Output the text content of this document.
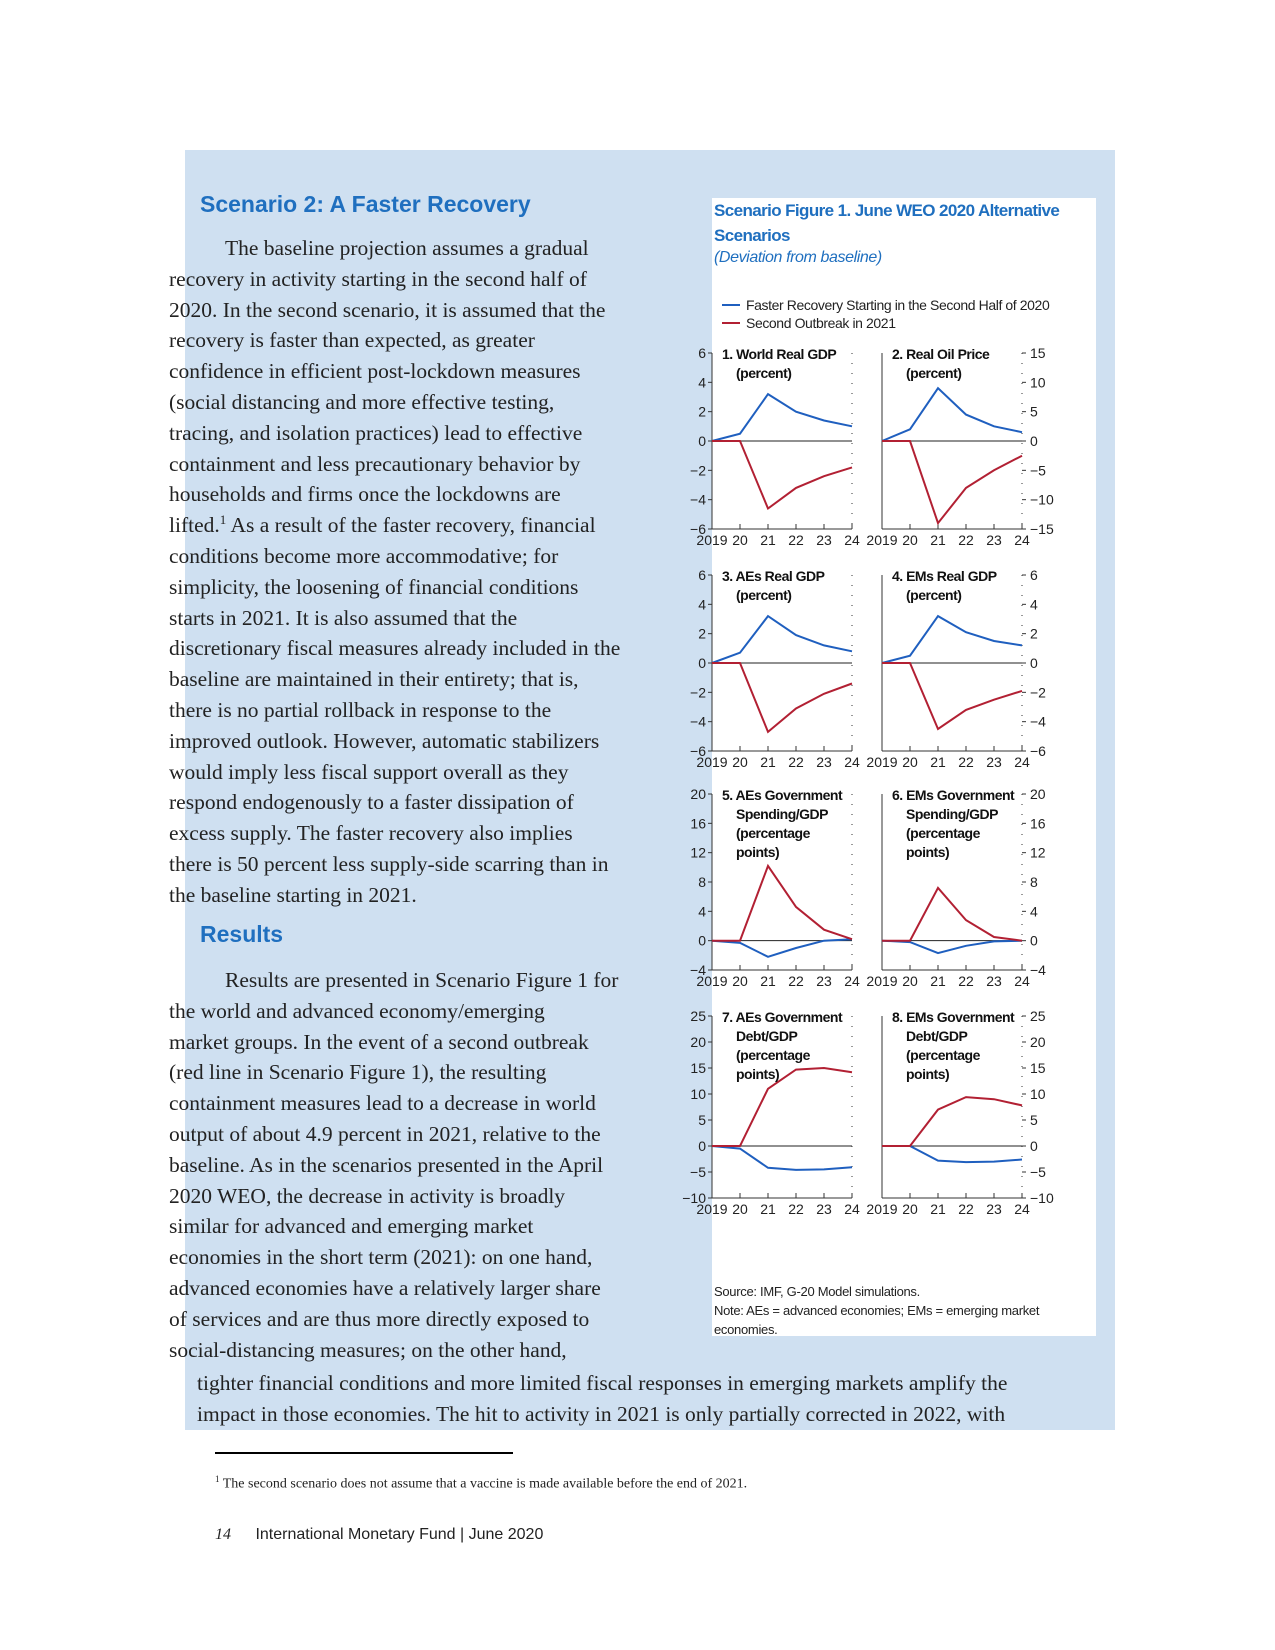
Scenario 2: A Faster Recovery

The baseline projection assumes a gradual
recovery in activity starting in the second half of
2020. In the second scenario, it is assumed that the
recovery is faster than expected, as greater
confidence in efficient post-lockdown measures
(social distancing and more effective testing,
tracing, and isolation practices) lead to effective
containment and less precautionary behavior by
households and firms once the lockdowns are
lifted.$^1$ As a result of the faster recovery, financial
conditions become more accommodative; for
simplicity, the loosening of financial conditions
starts in 2021. It is also assumed that the
discretionary fiscal measures already included in the
baseline are maintained in their entirety; that is,
there is no partial rollback in response to the
improved outlook. However, automatic stabilizers
would imply less fiscal support overall as they
respond endogenously to a faster dissipation of
excess supply. The faster recovery also implies
there is 50 percent less supply-side scarring than in
the baseline starting in 2021.

Results

Results are presented in Scenario Figure 1 for
the world and advanced economy/emerging
market groups. In the event of a second outbreak
(red line in Scenario Figure 1), the resulting
containment measures lead to a decrease in world
output of about 4.9 percent in 2021, relative to the
baseline. As in the scenarios presented in the April
2020 WEO, the decrease in activity is broadly
similar for advanced and emerging market
economies in the short term (2021): on one hand,
advanced economies have a relatively larger share
of services and are thus more directly exposed to
social-distancing measures; on the other hand,

tighter financial conditions and more limited fiscal responses in emerging markets amplify the
impact in those economies. The hit to activity in 2021 is only partially corrected in 2022, with

Scenario Figure 1. June WEO 2020 Alternative Scenarios

(Deviation from baseline)

Faster Recovery Starting in the Second Half of 2020
Second Outbreak in 2021
−6
−4
−2
0
2
4
6
2019 20 21 22 23 24
1. World Real GDP
(percent)
−15
−10
−5
0
5
10
15
2019 20 21 22 23 24
2. Real Oil Price
(percent)
−6
−4
−2
0
2
4
6
2019 20 21 22 23 24
3. AEs Real GDP
(percent)
−6
−4
−2
0
2
4
6
2019 20 21 22 23 24
4. EMs Real GDP
(percent)
−4
0
4
8
12
16
20
2019 20 21 22 23 24
5. AEs Government
Spending/GDP
(percentage
points)
−4
0
4
8
12
16
20
2019 20 21 22 23 24
6. EMs Government
Spending/GDP
(percentage
points)
−10
−5
0
5
10
15
20
25
2019 20 21 22 23 24
7. AEs Government
Debt/GDP
(percentage
points)
−10
−5
0
5
10
15
20
25
2019 20 21 22 23 24
8. EMs Government
Debt/GDP
(percentage
points)

Source: IMF, G-20 Model simulations.
Note: AEs = advanced economies; EMs = emerging market economies.

$^1$ The second scenario does not assume that a vaccine is made available before the end of 2021.
14 International Monetary Fund | June 2020
